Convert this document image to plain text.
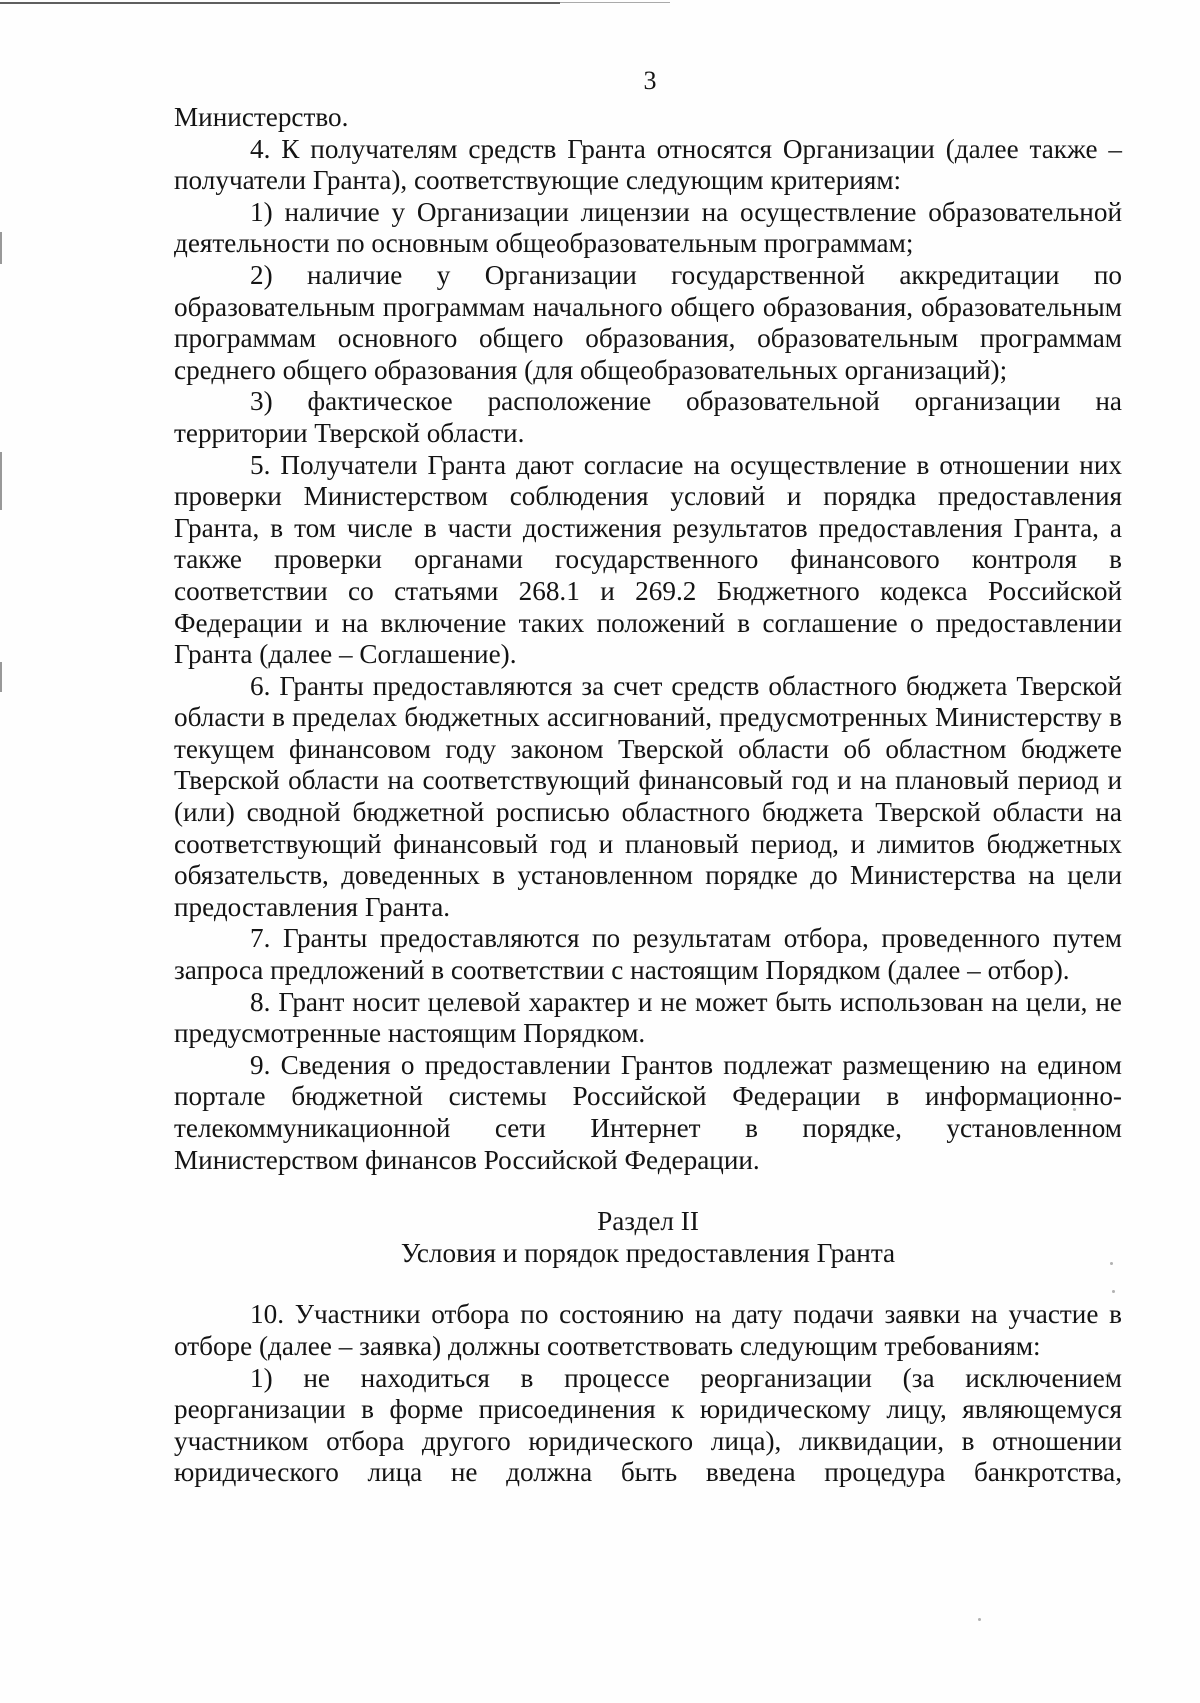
3

Министерство.

4. К получателям средств Гранта относятся Организации (далее также – получатели Гранта), соответствующие следующим критериям:

1) наличие у Организации лицензии на осуществление образовательной деятельности по основным общеобразовательным программам;

2) наличие у Организации государственной аккредитации по образовательным программам начального общего образования, образовательным программам основного общего образования, образовательным программам среднего общего образования (для общеобразовательных организаций);

3) фактическое расположение образовательной организации на территории Тверской области.

5. Получатели Гранта дают согласие на осуществление в отношении них проверки Министерством соблюдения условий и порядка предоставления Гранта, в том числе в части достижения результатов предоставления Гранта, а также проверки органами государственного финансового контроля в соответствии со статьями 268.1 и 269.2 Бюджетного кодекса Российской Федерации и на включение таких положений в соглашение о предоставлении Гранта (далее – Соглашение).

6. Гранты предоставляются за счет средств областного бюджета Тверской области в пределах бюджетных ассигнований, предусмотренных Министерству в текущем финансовом году законом Тверской области об областном бюджете Тверской области на соответствующий финансовый год и на плановый период и (или) сводной бюджетной росписью областного бюджета Тверской области на соответствующий финансовый год и плановый период, и лимитов бюджетных обязательств, доведенных в установленном порядке до Министерства на цели предоставления Гранта.

7. Гранты предоставляются по результатам отбора, проведенного путем запроса предложений в соответствии с настоящим Порядком (далее – отбор).

8. Грант носит целевой характер и не может быть использован на цели, не предусмотренные настоящим Порядком.

9. Сведения о предоставлении Грантов подлежат размещению на едином портале бюджетной системы Российской Федерации в информационно-телекоммуникационной сети Интернет в порядке, установленном Министерством финансов Российской Федерации.

Раздел II

Условия и порядок предоставления Гранта

10. Участники отбора по состоянию на дату подачи заявки на участие в отборе (далее – заявка) должны соответствовать следующим требованиям:

1) не находиться в процессе реорганизации (за исключением реорганизации в форме присоединения к юридическому лицу, являющемуся участником отбора другого юридического лица), ликвидации, в отношении юридического лица не должна быть введена процедура банкротства,
